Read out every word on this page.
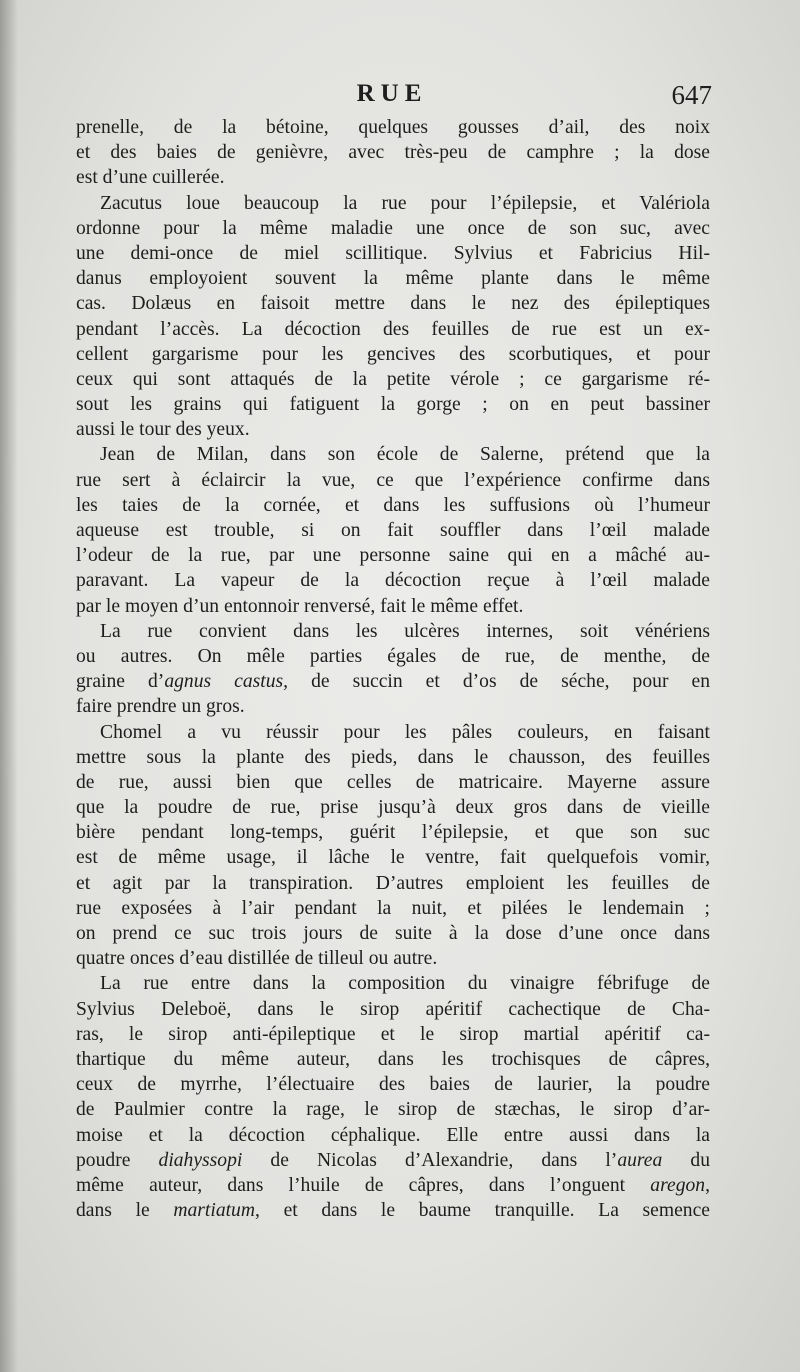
RUE	647
prenelle, de la bétoine, quelques gousses d’ail, des noix
et des baies de genièvre, avec très-peu de camphre ; la dose
est d’une cuillerée.
Zacutus loue beaucoup la rue pour l’épilepsie, et Valériola
ordonne pour la même maladie une once de son suc, avec
une demi-once de miel scillitique. Sylvius et Fabricius Hil-
danus employoient souvent la même plante dans le même
cas. Dolæus en faisoit mettre dans le nez des épileptiques
pendant l’accès. La décoction des feuilles de rue est un ex-
cellent gargarisme pour les gencives des scorbutiques, et pour
ceux qui sont attaqués de la petite vérole ; ce gargarisme ré-
sout les grains qui fatiguent la gorge ; on en peut bassiner
aussi le tour des yeux.
Jean de Milan, dans son école de Salerne, prétend que la
rue sert à éclaircir la vue, ce que l’expérience confirme dans
les taies de la cornée, et dans les suffusions où l’humeur
aqueuse est trouble, si on fait souffler dans l’œil malade
l’odeur de la rue, par une personne saine qui en a mâché au-
paravant. La vapeur de la décoction reçue à l’œil malade
par le moyen d’un entonnoir renversé, fait le même effet.
La rue convient dans les ulcères internes, soit vénériens
ou autres. On mêle parties égales de rue, de menthe, de
graine d’agnus castus, de succin et d’os de séche, pour en
faire prendre un gros.
Chomel a vu réussir pour les pâles couleurs, en faisant
mettre sous la plante des pieds, dans le chausson, des feuilles
de rue, aussi bien que celles de matricaire. Mayerne assure
que la poudre de rue, prise jusqu’à deux gros dans de vieille
bière pendant long-temps, guérit l’épilepsie, et que son suc
est de même usage, il lâche le ventre, fait quelquefois vomir,
et agit par la transpiration. D’autres emploient les feuilles de
rue exposées à l’air pendant la nuit, et pilées le lendemain ;
on prend ce suc trois jours de suite à la dose d’une once dans
quatre onces d’eau distillée de tilleul ou autre.
La rue entre dans la composition du vinaigre fébrifuge de
Sylvius Deleboë, dans le sirop apéritif cachectique de Cha-
ras, le sirop anti-épileptique et le sirop martial apéritif ca-
thartique du même auteur, dans les trochisques de câpres,
ceux de myrrhe, l’électuaire des baies de laurier, la poudre
de Paulmier contre la rage, le sirop de stæchas, le sirop d’ar-
moise et la décoction céphalique. Elle entre aussi dans la
poudre diahyssopi de Nicolas d’Alexandrie, dans l’aurea du
même auteur, dans l’huile de câpres, dans l’onguent aregon,
dans le martiatum, et dans le baume tranquille. La semence
